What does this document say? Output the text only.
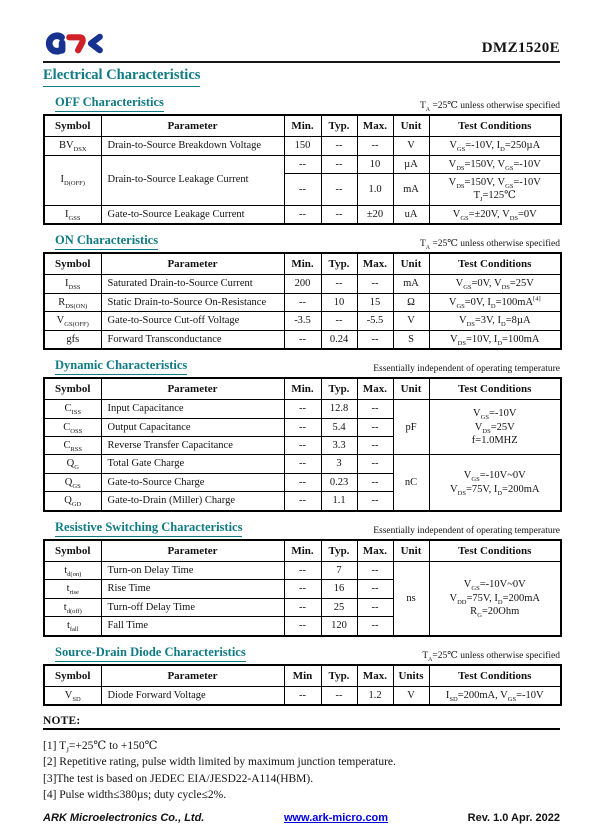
DMZ1520E
Electrical Characteristics
OFF Characteristics	$T_A$ =25℃ unless otherwise specified
Symbol	Parameter	Min.	Typ.	Max.	Unit	Test Conditions
$BV_{DSX}$	Drain-to-Source Breakdown Voltage	150	--	--	V	$V_{GS}=-10V$, $I_D=250\mu A$
$I_{D(OFF)}$	Drain-to-Source Leakage Current	--	--	10	µA	$V_{DS}=150V$, $V_{GS}=-10V$
		--	--	1.0	mA	$V_{DS}=150V$, $V_{GS}=-10V$
$T_J=125℃$
$I_{GSS}$	Gate-to-Source Leakage Current	--	--	±20	uA	$V_{GS}=\pm 20V$, $V_{DS}=0V$
ON Characteristics	$T_A$ =25℃ unless otherwise specified
Symbol	Parameter	Min.	Typ.	Max.	Unit	Test Conditions
$I_{DSS}$	Saturated Drain-to-Source Current	200	--	--	mA	$V_{GS}=0V$, $V_{DS}=25V$
$R_{DS(ON)}$	Static Drain-to-Source On-Resistance	--	10	15	Ω	$V_{GS}=0V$, $I_D=100mA[4]$
$V_{GS(OFF)}$	Gate-to-Source Cut-off Voltage	-3.5	--	-5.5	V	$V_{DS}=3V$, $I_D=8\mu A$
gfs	Forward Transconductance	--	0.24	--	S	$V_{DS}=10V$, $I_D=100mA$
Dynamic Characteristics	Essentially independent of operating temperature
Symbol	Parameter	Min.	Typ.	Max.	Unit	Test Conditions
$C_{ISS}$	Input Capacitance	--	12.8	--	pF	$V_{GS}=-10V$
$V_{DS}=25V$
f=1.0MHZ
$C_{OSS}$	Output Capacitance	--	5.4	--		
$C_{RSS}$	Reverse Transfer Capacitance	--	3.3	--		
$Q_G$	Total Gate Charge	--	3	--	nC	$V_{GS}=-10V\sim 0V$
$V_{DS}=75V$, $I_D=200mA$
$Q_{GS}$	Gate-to-Source Charge	--	0.23	--		
$Q_{GD}$	Gate-to-Drain (Miller) Charge	--	1.1	--		
Resistive Switching Characteristics	Essentially independent of operating temperature
Symbol	Parameter	Min.	Typ.	Max.	Unit	Test Conditions
$t_{d(on)}$	Turn-on Delay Time	--	7	--	ns	$V_{GS}=-10V\sim 0V$
$V_{DD}=75V$, $I_D=200mA$
$R_G=20Ohm$
$t_{rise}$	Rise Time	--	16	--		
$t_{d(off)}$	Turn-off Delay Time	--	25	--		
$t_{fall}$	Fall Time	--	120	--		
Source-Drain Diode Characteristics	$T_A=25℃$ unless otherwise specified
Symbol	Parameter	Min	Typ.	Max.	Units	Test Conditions
$V_{SD}$	Diode Forward Voltage	--	--	1.2	V	$I_{SD}=200mA$, $V_{GS}=-10V$
NOTE:
[1] $T_J=+25℃$ to +150℃
[2] Repetitive rating, pulse width limited by maximum junction temperature.
[3]The test is based on JEDEC EIA/JESD22-A114(HBM).
[4] Pulse width≤380µs; duty cycle≤2%.
ARK Microelectronics Co., Ltd.	www.ark-micro.com	Rev. 1.0 Apr. 2022
